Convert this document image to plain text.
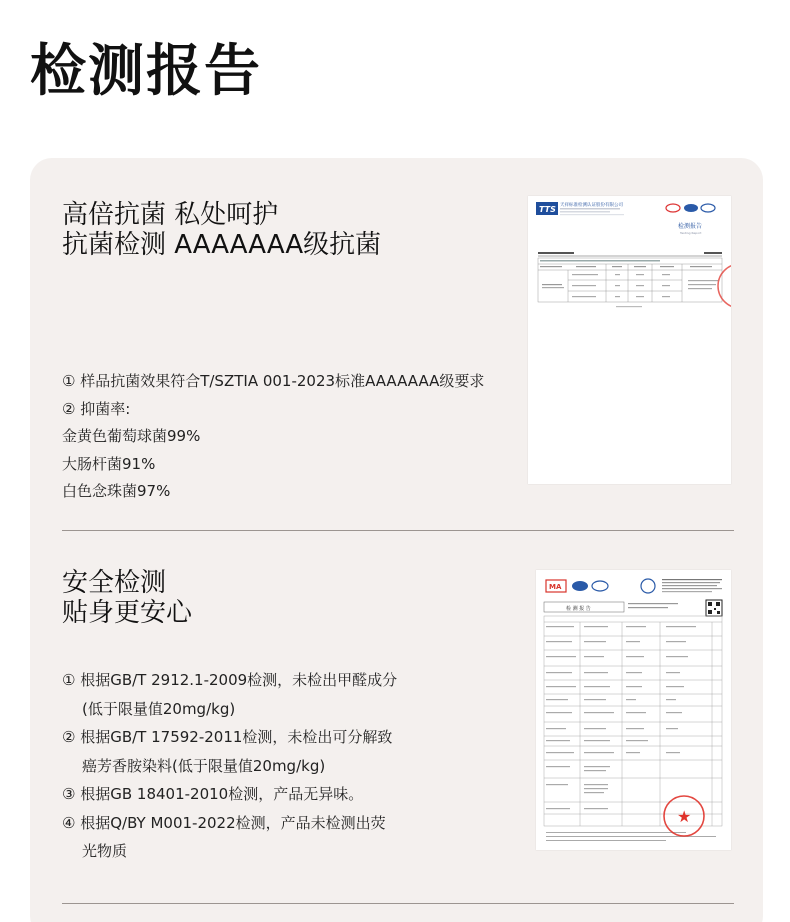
检测报告
高倍抗菌 私处呵护
抗菌检测 AAAAAAA级抗菌
① 样品抗菌效果符合T/SZTIA 001-2023标准AAAAAAA级要求
② 抑菌率:
金黄色葡萄球菌99%
大肠杆菌91%
白色念珠菌97%
TTS 天祥标准检测认证股份有限公司
检测报告
Testing Report
安全检测
贴身更安心
① 根据GB/T 2912.1-2009检测，未检出甲醛成分
(低于限量值20mg/kg)
② 根据GB/T 17592-2011检测，未检出可分解致
癌芳香胺染料(低于限量值20mg/kg)
③ 根据GB 18401-2010检测，产品无异味。
④ 根据Q/BY M001-2022检测，产品未检测出荧
光物质
MA
检 测 报 告
★
